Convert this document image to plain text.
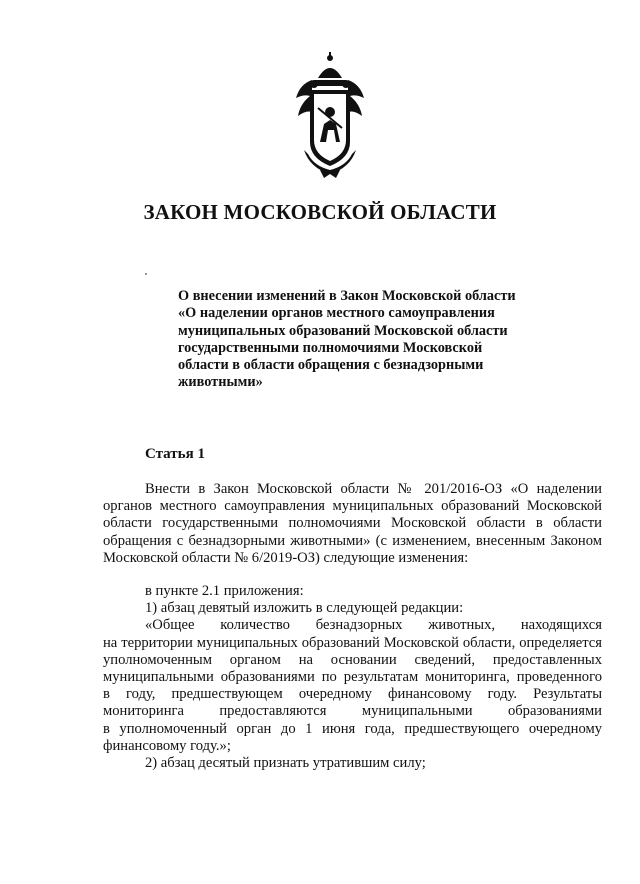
ЗАКОН МОСКОВСКОЙ ОБЛАСТИ
О внесении изменений в Закон Московской области
«О наделении органов местного самоуправления
муниципальных образований Московской области
государственными полномочиями Московской
области в области обращения с безнадзорными
животными»
Статья 1

Внести в Закон Московской области № 201/2016-ОЗ «О наделении

органов местного самоуправления муниципальных образований Московской

области государственными полномочиями Московской области в области

обращения с безнадзорными животными» (с изменением, внесенным Законом

Московской области № 6/2019-ОЗ) следующие изменения:

в пункте 2.1 приложения:

1) абзац девятый изложить в следующей редакции:

«Общее количество безнадзорных животных, находящихся

на территории муниципальных образований Московской области, определяется

уполномоченным органом на основании сведений, предоставленных

муниципальными образованиями по результатам мониторинга, проведенного

в году, предшествующем очередному финансовому году. Результаты

мониторинга предоставляются муниципальными образованиями

в уполномоченный орган до 1 июня года, предшествующего очередному

финансовому году.»;

2) абзац десятый признать утратившим силу;
